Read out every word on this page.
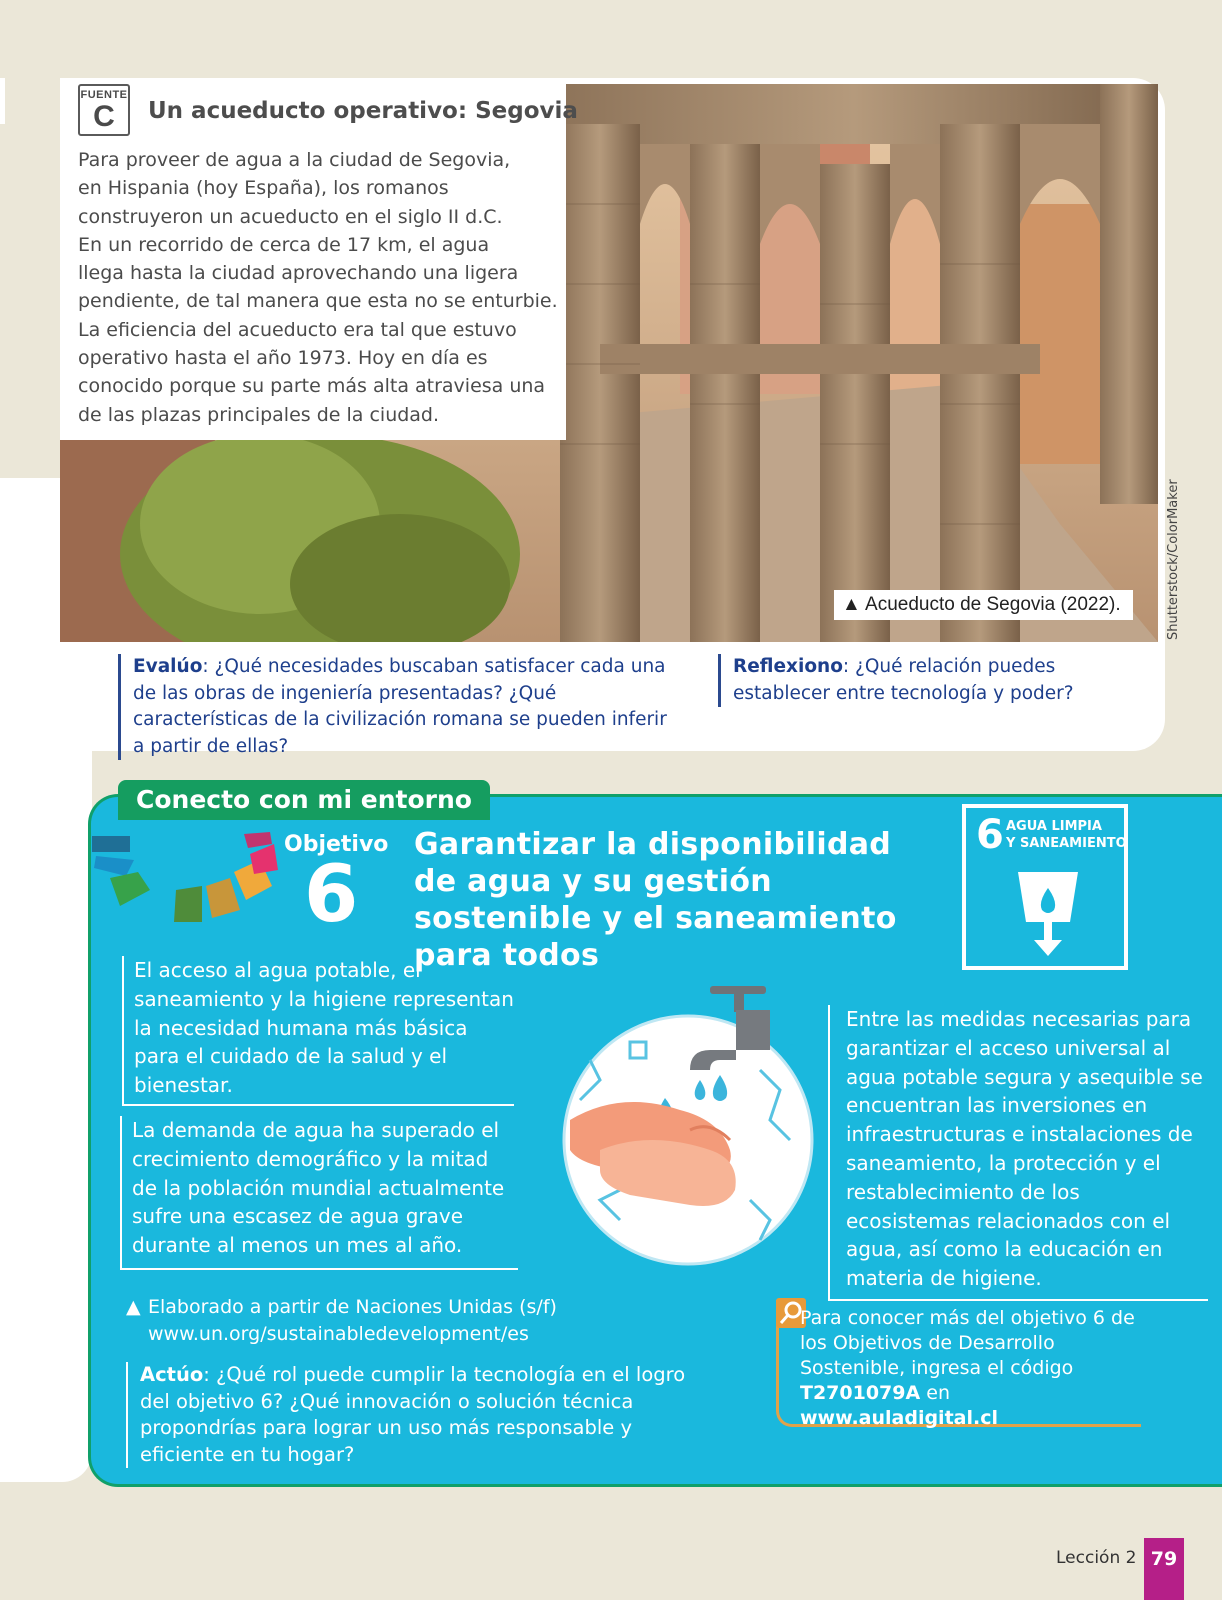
FUENTE
C	Un acueducto operativo: Segovia

Para proveer de agua a la ciudad de Segovia,

en Hispania (hoy España), los romanos

construyeron un acueducto en el siglo II d.C.

En un recorrido de cerca de 17 km, el agua

llega hasta la ciudad aprovechando una ligera

pendiente, de tal manera que esta no se enturbie.

La eficiencia del acueducto era tal que estuvo

operativo hasta el año 1973. Hoy en día es

conocido porque su parte más alta atraviesa una

de las plazas principales de la ciudad.

▲ Acueducto de Segovia (2022).	Shutterstock/ColorMaker
Evalúo: ¿Qué necesidades buscaban satisfacer cada una de las obras de ingeniería presentadas? ¿Qué características de la civilización romana se pueden inferir a partir de ellas?
Reflexiono: ¿Qué relación puedes establecer entre tecnología y poder?
Conecto con mi entorno
Objetivo
6
Garantizar la disponibilidad de agua y su gestión sostenible y el saneamiento para todos
6 AGUA LIMPIA
Y SANEAMIENTO
El acceso al agua potable, el saneamiento y la higiene representan la necesidad humana más básica para el cuidado de la salud y el bienestar.
La demanda de agua ha superado el crecimiento demográfico y la mitad de la población mundial actualmente sufre una escasez de agua grave durante al menos un mes al año.
Entre las medidas necesarias para garantizar el acceso universal al agua potable segura y asequible se encuentran las inversiones en infraestructuras e instalaciones de saneamiento, la protección y el restablecimiento de los ecosistemas relacionados con el agua, así como la educación en materia de higiene.
▲ Elaborado a partir de Naciones Unidas (s/f)
www.un.org/sustainabledevelopment/es
Actúo: ¿Qué rol puede cumplir la tecnología en el logro del objetivo 6? ¿Qué innovación o solución técnica propondrías para lograr un uso más responsable y eficiente en tu hogar?
Para conocer más del objetivo 6 de los Objetivos de Desarrollo Sostenible, ingresa el código T2701079A en www.auladigital.cl
Lección 2 79
